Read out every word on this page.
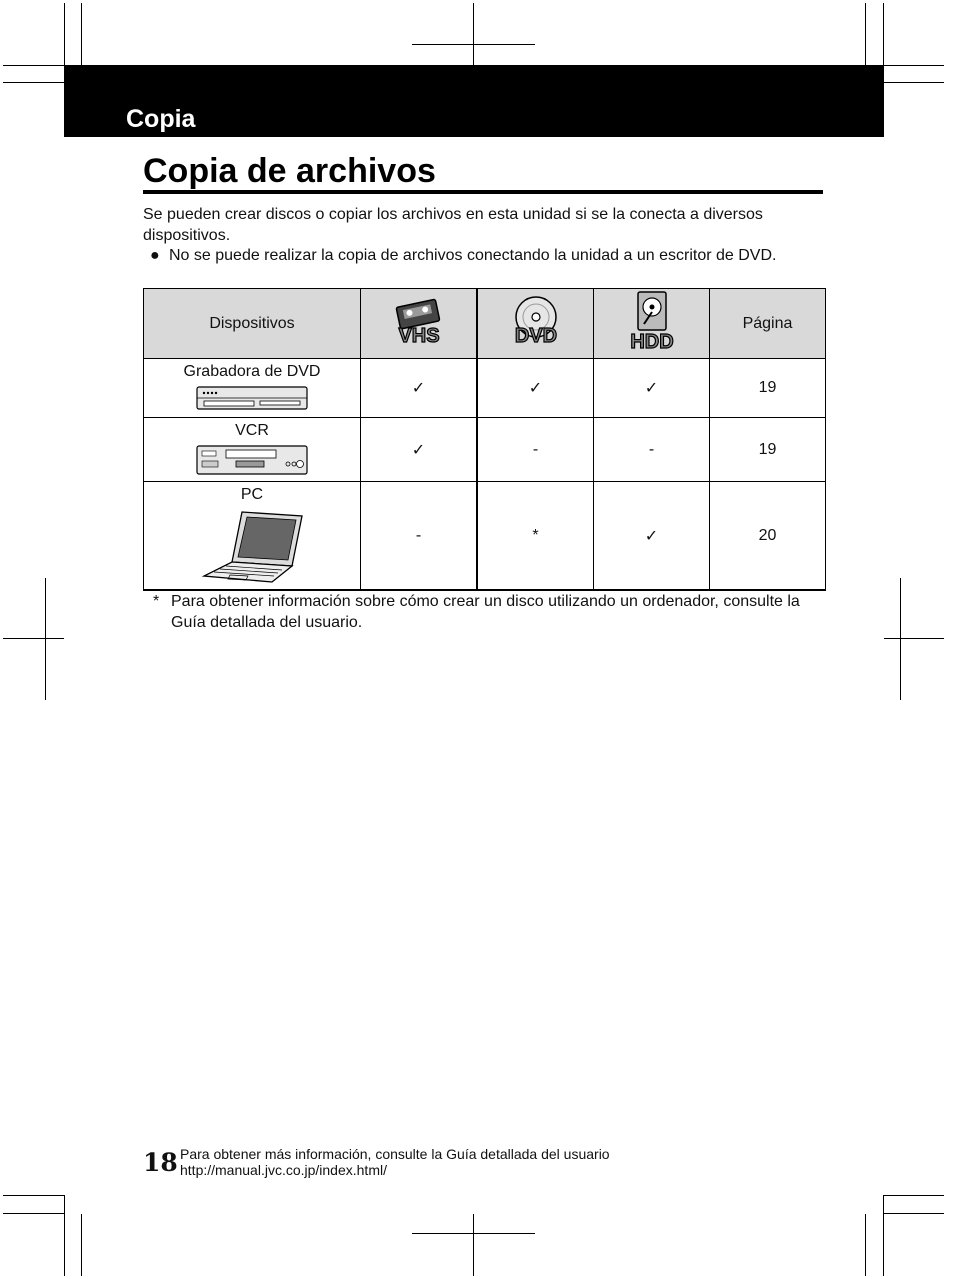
Copia
Copia de archivos
Se pueden crear discos o copiar los archivos en esta unidad si se la conecta a diversos dispositivos.
● No se puede realizar la copia de archivos conectando la unidad a un escritor de DVD.
Dispositivos	VHS	DVD	HDD	Página

Grabadora de DVD	✓	✓	✓	19

VCR	✓	-	-	19

PC	-	*	✓	20
* Para obtener información sobre cómo crear un disco utilizando un ordenador, consulte la Guía detallada del usuario.
18 Para obtener más información, consulte la Guía detallada del usuario
http://manual.jvc.co.jp/index.html/
